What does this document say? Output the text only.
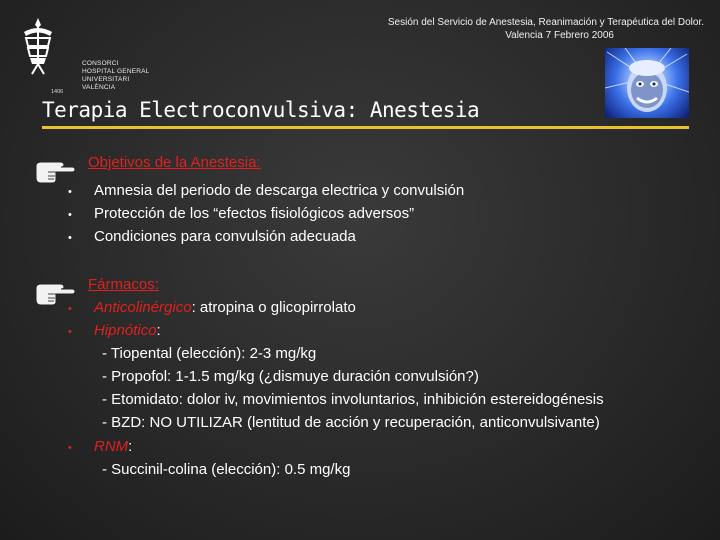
CONSORCI
HOSPITAL GENERAL
UNIVERSITARI
VALÈNCIA
1406
Sesión del Servicio de Anestesia, Reanimación y Terapéutica del Dolor.
Valencia 7 Febrero 2006
Terapia Electroconvulsiva: Anestesia
Objetivos de la Anestesia:
• Amnesia del periodo de descarga electrica y convulsión
• Protección de los “efectos fisiológicos adversos”
• Condiciones para convulsión adecuada
Fármacos:
• Anticolinérgico: atropina o glicopirrolato
• Hipnótico:
- Tiopental (elección): 2-3 mg/kg
- Propofol: 1-1.5 mg/kg (¿dismuye duración convulsión?)
- Etomidato: dolor iv, movimientos involuntarios, inhibición estereidogénesis
- BZD: NO UTILIZAR (lentitud de acción y recuperación, anticonvulsivante)
• RNM:
- Succinil-colina (elección): 0.5 mg/kg
